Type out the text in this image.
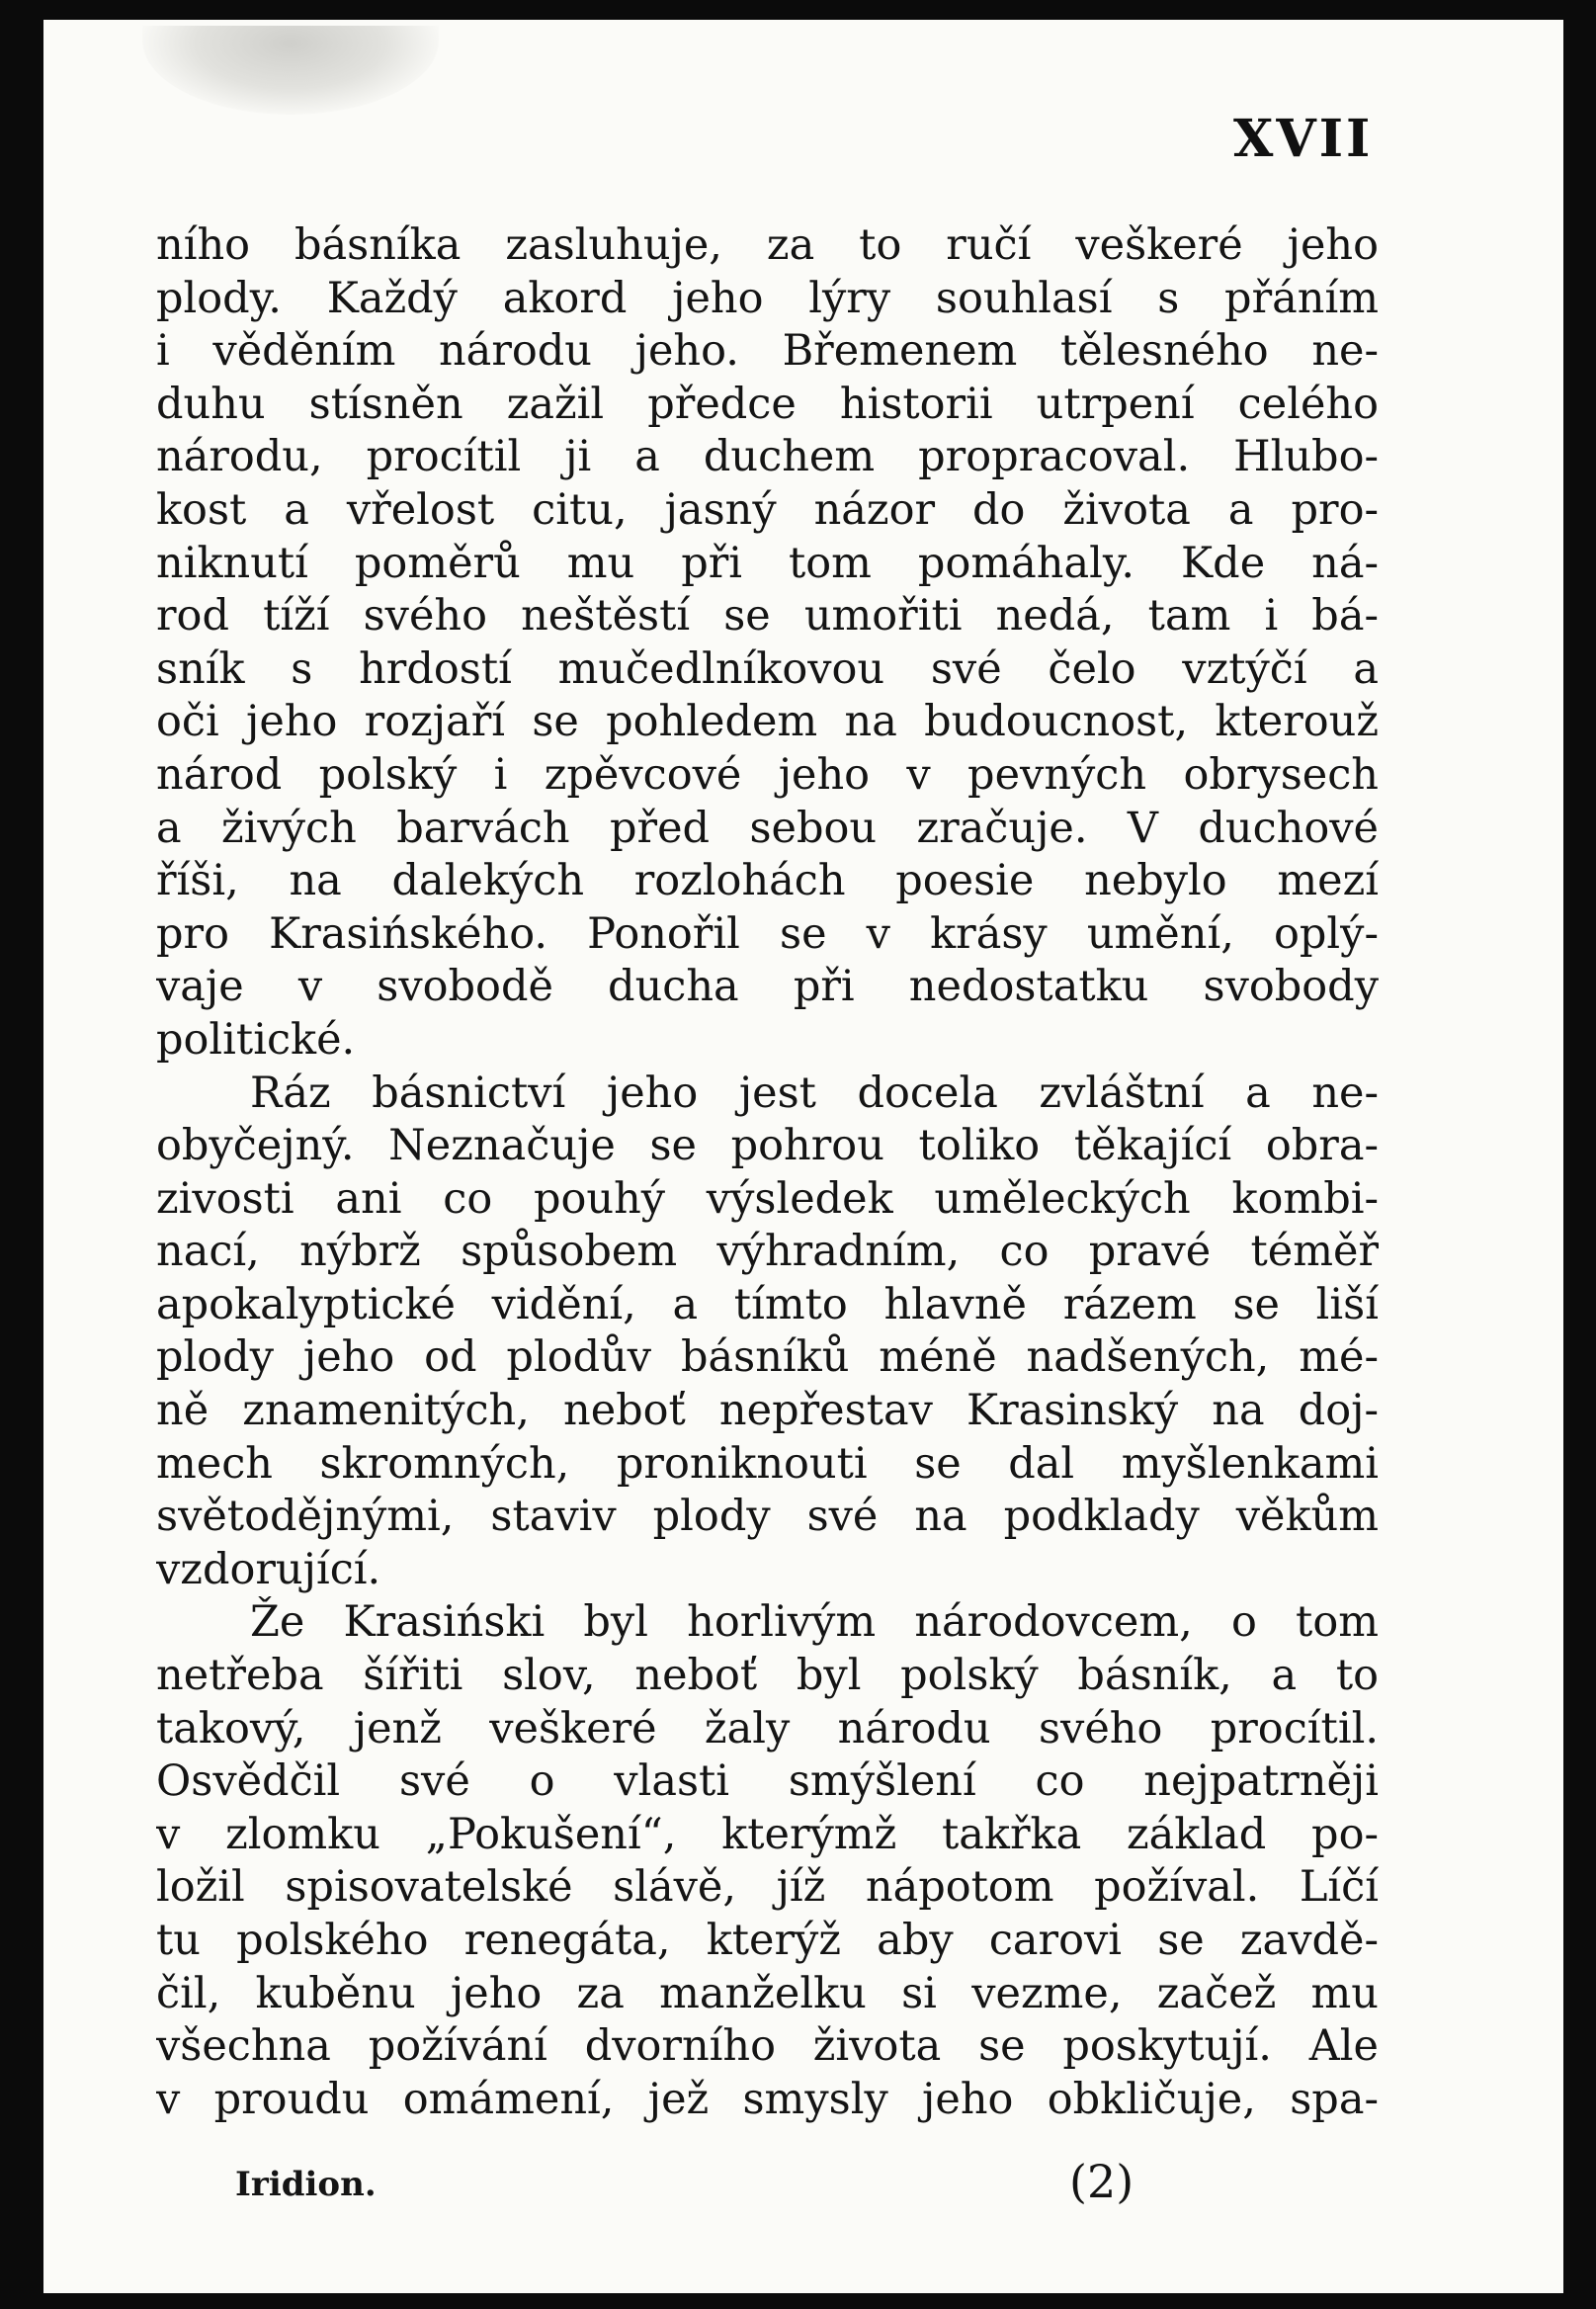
XVII
ního básníka zasluhuje, za to ručí veškeré jeho
plody. Každý akord jeho lýry souhlasí s přáním
i věděním národu jeho. Břemenem tělesného ne-
duhu stísněn zažil předce historii utrpení celého
národu, procítil ji a duchem propracoval. Hlubo-
kost a vřelost citu, jasný názor do života a pro-
niknutí poměrů mu při tom pomáhaly. Kde ná-
rod tíží svého neštěstí se umořiti nedá, tam i bá-
sník s hrdostí mučedlníkovou své čelo vztýčí a
oči jeho rozjaří se pohledem na budoucnost, kterouž
národ polský i zpěvcové jeho v pevných obrysech
a živých barvách před sebou zračuje. V duchové
říši, na dalekých rozlohách poesie nebylo mezí
pro Krasińského. Ponořil se v krásy umění, oplý-
vaje v svobodě ducha při nedostatku svobody
politické.
Ráz básnictví jeho jest docela zvláštní a ne-
obyčejný. Neznačuje se pohrou toliko těkající obra-
zivosti ani co pouhý výsledek uměleckých kombi-
nací, nýbrž spůsobem výhradním, co pravé téměř
apokalyptické vidění, a tímto hlavně rázem se liší
plody jeho od plodův básníků méně nadšených, mé-
ně znamenitých, neboť nepřestav Krasinský na doj-
mech skromných, proniknouti se dal myšlenkami
světodějnými, staviv plody své na podklady věkům
vzdorující.
Že Krasiński byl horlivým národovcem, o tom
netřeba šířiti slov, neboť byl polský básník, a to
takový, jenž veškeré žaly národu svého procítil.
Osvědčil své o vlasti smýšlení co nejpatrněji
v zlomku „Pokušení“, kterýmž takřka základ po-
ložil spisovatelské slávě, jíž nápotom požíval. Líčí
tu polského renegáta, kterýž aby carovi se zavdě-
čil, kuběnu jeho za manželku si vezme, začež mu
všechna požívání dvorního života se poskytují. Ale
v proudu omámení, jež smysly jeho obkličuje, spa-
Iridion.	(2)
